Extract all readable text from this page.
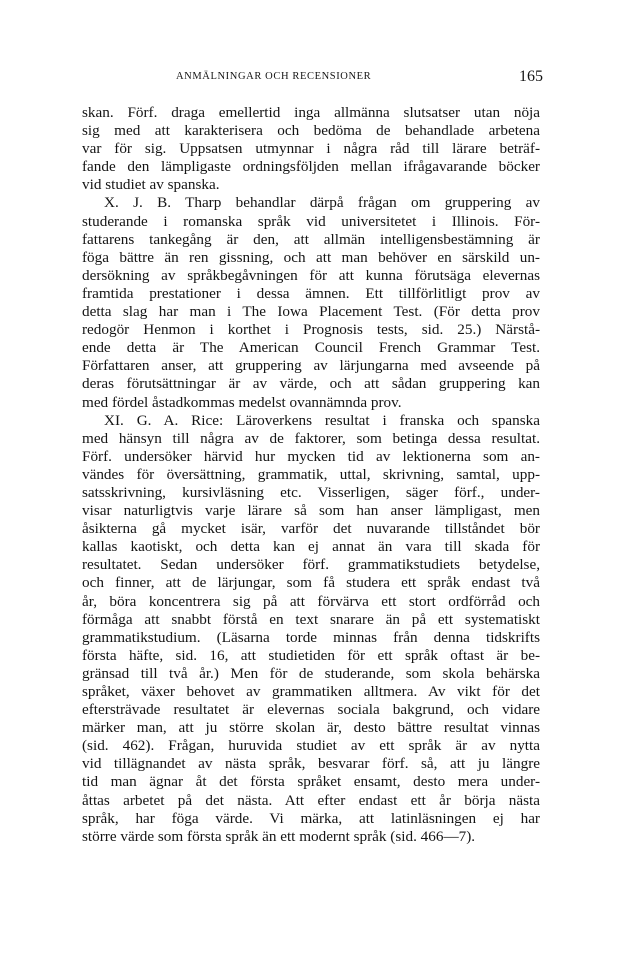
ANMÄLNINGAR OCH RECENSIONER	165
skan. Förf. draga emellertid inga allmänna slutsatser utan nöja
sig med att karakterisera och bedöma de behandlade arbetena
var för sig. Uppsatsen utmynnar i några råd till lärare beträf-
fande den lämpligaste ordningsföljden mellan ifrågavarande böcker
vid studiet av spanska.
X. J. B. Tharp behandlar därpå frågan om gruppering av
studerande i romanska språk vid universitetet i Illinois. För-
fattarens tankegång är den, att allmän intelligensbestämning är
föga bättre än ren gissning, och att man behöver en särskild un-
dersökning av språkbegåvningen för att kunna förutsäga elevernas
framtida prestationer i dessa ämnen. Ett tillförlitligt prov av
detta slag har man i The Iowa Placement Test. (För detta prov
redogör Henmon i korthet i Prognosis tests, sid. 25.) Närstå-
ende detta är The American Council French Grammar Test.
Författaren anser, att gruppering av lärjungarna med avseende på
deras förutsättningar är av värde, och att sådan gruppering kan
med fördel åstadkommas medelst ovannämnda prov.
XI. G. A. Rice: Läroverkens resultat i franska och spanska
med hänsyn till några av de faktorer, som betinga dessa resultat.
Förf. undersöker härvid hur mycken tid av lektionerna som an-
vändes för översättning, grammatik, uttal, skrivning, samtal, upp-
satsskrivning, kursivläsning etc. Visserligen, säger förf., under-
visar naturligtvis varje lärare så som han anser lämpligast, men
åsikterna gå mycket isär, varför det nuvarande tillståndet bör
kallas kaotiskt, och detta kan ej annat än vara till skada för
resultatet. Sedan undersöker förf. grammatikstudiets betydelse,
och finner, att de lärjungar, som få studera ett språk endast två
år, böra koncentrera sig på att förvärva ett stort ordförråd och
förmåga att snabbt förstå en text snarare än på ett systematiskt
grammatikstudium. (Läsarna torde minnas från denna tidskrifts
första häfte, sid. 16, att studietiden för ett språk oftast är be-
gränsad till två år.) Men för de studerande, som skola behärska
språket, växer behovet av grammatiken alltmera. Av vikt för det
eftersträvade resultatet är elevernas sociala bakgrund, och vidare
märker man, att ju större skolan är, desto bättre resultat vinnas
(sid. 462). Frågan, huruvida studiet av ett språk är av nytta
vid tillägnandet av nästa språk, besvarar förf. så, att ju längre
tid man ägnar åt det första språket ensamt, desto mera under-
åttas arbetet på det nästa. Att efter endast ett år börja nästa
språk, har föga värde. Vi märka, att latinläsningen ej har
större värde som första språk än ett modernt språk (sid. 466—7).
